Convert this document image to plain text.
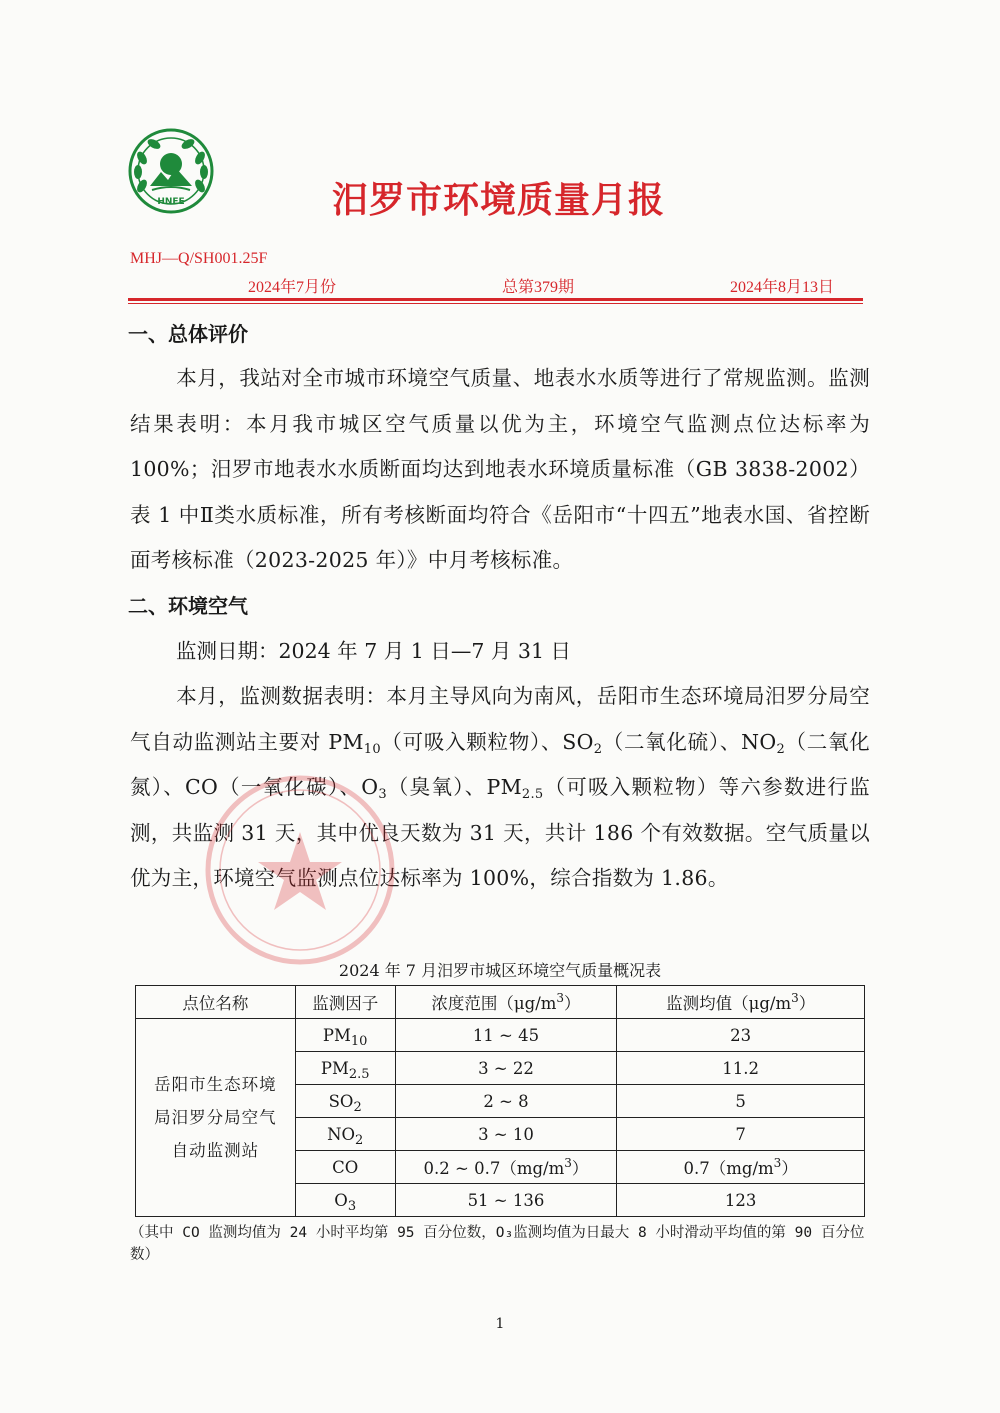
HNEE	汨罗市环境质量月报
MHJ—Q/SH001.25F
2024年7月份	总第379期	2024年8月13日
一、总体评价
本月，我站对全市城市环境空气质量、地表水水质等进行了常规监测。监测结果表明：本月我市城区空气质量以优为主，环境空气监测点位达标率为 100%；汨罗市地表水水质断面均达到地表水环境质量标准（GB 3838-2002）表 1 中Ⅱ类水质标准，所有考核断面均符合《岳阳市“十四五”地表水国、省控断面考核标准（2023-2025 年）》中月考核标准。
二、环境空气
监测日期：2024 年 7 月 1 日—7 月 31 日
本月，监测数据表明：本月主导风向为南风，岳阳市生态环境局汨罗分局空气自动监测站主要对 $PM_{10}$（可吸入颗粒物）、$SO_2$（二氧化硫）、$NO_2$（二氧化氮）、CO（一氧化碳）、$O_3$（臭氧）、$PM_{2.5}$（可吸入颗粒物）等六参数进行监测，共监测 31 天，其中优良天数为 31 天，共计 186 个有效数据。空气质量以优为主，环境空气监测点位达标率为 100%，综合指数为 1.86。
2024 年 7 月汨罗市城区环境空气质量概况表
点位名称	监测因子	浓度范围$(\mu g/m^3)$	监测均值$(\mu g/m^3)$
岳阳市生态环境局汨罗分局空气自动监测站	$PM_{10}$	11 ~ 45	23
	$PM_{2.5}$	3 ~ 22	11.2
	$SO_2$	2 ~ 8	5
	$NO_2$	3 ~ 10	7
	CO	0.2 ~ $0.7(mg/m^3)$	$0.7(mg/m^3)$
	$O_3$	51 ~ 136	123
（其中 CO 监测均值为 24 小时平均第 95 百分位数，O₃监测均值为日最大 8 小时滑动平均值的第 90 百分位数）
1
